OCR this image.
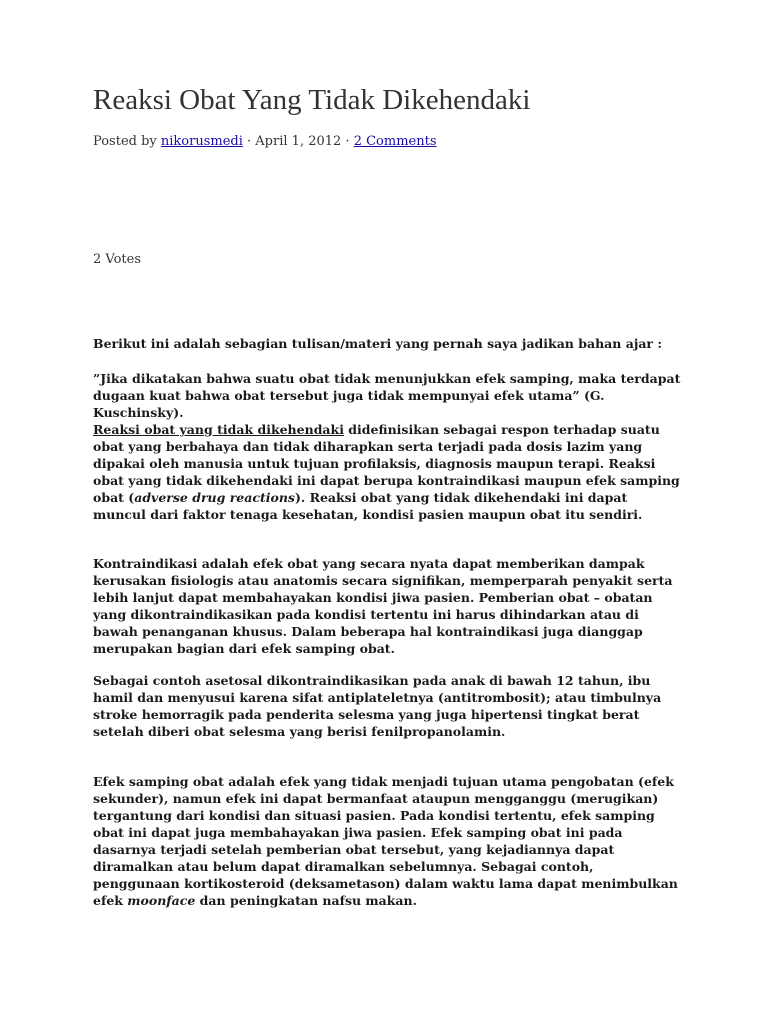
Reaksi Obat Yang Tidak Dikehendaki
Posted by nikorusmedi · April 1, 2012 · 2 Comments
2 Votes

Berikut ini adalah sebagian tulisan/materi yang pernah saya jadikan bahan ajar :

”Jika dikatakan bahwa suatu obat tidak menunjukkan efek samping, maka terdapat dugaan kuat bahwa obat tersebut juga tidak mempunyai efek utama” (G. Kuschinsky).
Reaksi obat yang tidak dikehendaki didefinisikan sebagai respon terhadap suatu obat yang berbahaya dan tidak diharapkan serta terjadi pada dosis lazim yang dipakai oleh manusia untuk tujuan profilaksis, diagnosis maupun terapi. Reaksi obat yang tidak dikehendaki ini dapat berupa kontraindikasi maupun efek samping obat (adverse drug reactions). Reaksi obat yang tidak dikehendaki ini dapat muncul dari faktor tenaga kesehatan, kondisi pasien maupun obat itu sendiri.

Kontraindikasi adalah efek obat yang secara nyata dapat memberikan dampak kerusakan fisiologis atau anatomis secara signifikan, memperparah penyakit serta lebih lanjut dapat membahayakan kondisi jiwa pasien. Pemberian obat – obatan yang dikontraindikasikan pada kondisi tertentu ini harus dihindarkan atau di bawah penanganan khusus. Dalam beberapa hal kontraindikasi juga dianggap merupakan bagian dari efek samping obat.

Sebagai contoh asetosal dikontraindikasikan pada anak di bawah 12 tahun, ibu hamil dan menyusui karena sifat antiplateletnya (antitrombosit); atau timbulnya stroke hemorragik pada penderita selesma yang juga hipertensi tingkat berat setelah diberi obat selesma yang berisi fenilpropanolamin.

Efek samping obat adalah efek yang tidak menjadi tujuan utama pengobatan (efek sekunder), namun efek ini dapat bermanfaat ataupun mengganggu (merugikan) tergantung dari kondisi dan situasi pasien. Pada kondisi tertentu, efek samping obat ini dapat juga membahayakan jiwa pasien. Efek samping obat ini pada dasarnya terjadi setelah pemberian obat tersebut, yang kejadiannya dapat diramalkan atau belum dapat diramalkan sebelumnya. Sebagai contoh, penggunaan kortikosteroid (deksametason) dalam waktu lama dapat menimbulkan efek moonface dan peningkatan nafsu makan.
